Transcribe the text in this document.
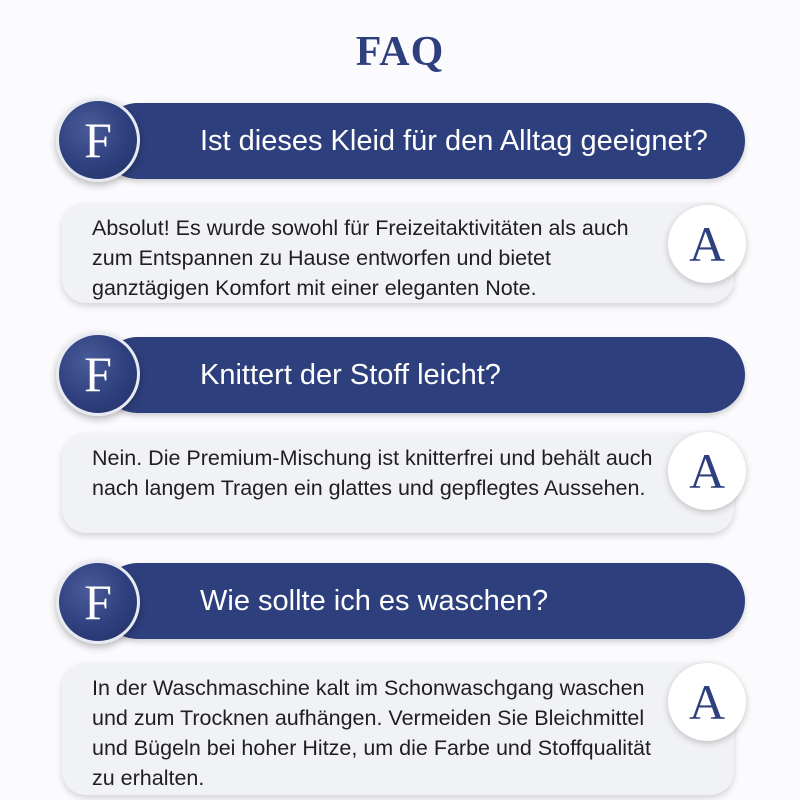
FAQ
Ist dieses Kleid für den Alltag geeignet?
F
Absolut! Es wurde sowohl für Freizeitaktivitäten als auch zum Entspannen zu Hause entworfen und bietet ganztägigen Komfort mit einer eleganten Note.
A
Knittert der Stoff leicht?
F
Nein. Die Premium-Mischung ist knitterfrei und behält auch nach langem Tragen ein glattes und gepflegtes Aussehen. A
Wie sollte ich es waschen?
F
In der Waschmaschine kalt im Schonwaschgang waschen und zum Trocknen aufhängen. Vermeiden Sie Bleichmittel und Bügeln bei hoher Hitze, um die Farbe und Stoffqualität zu erhalten.
A
